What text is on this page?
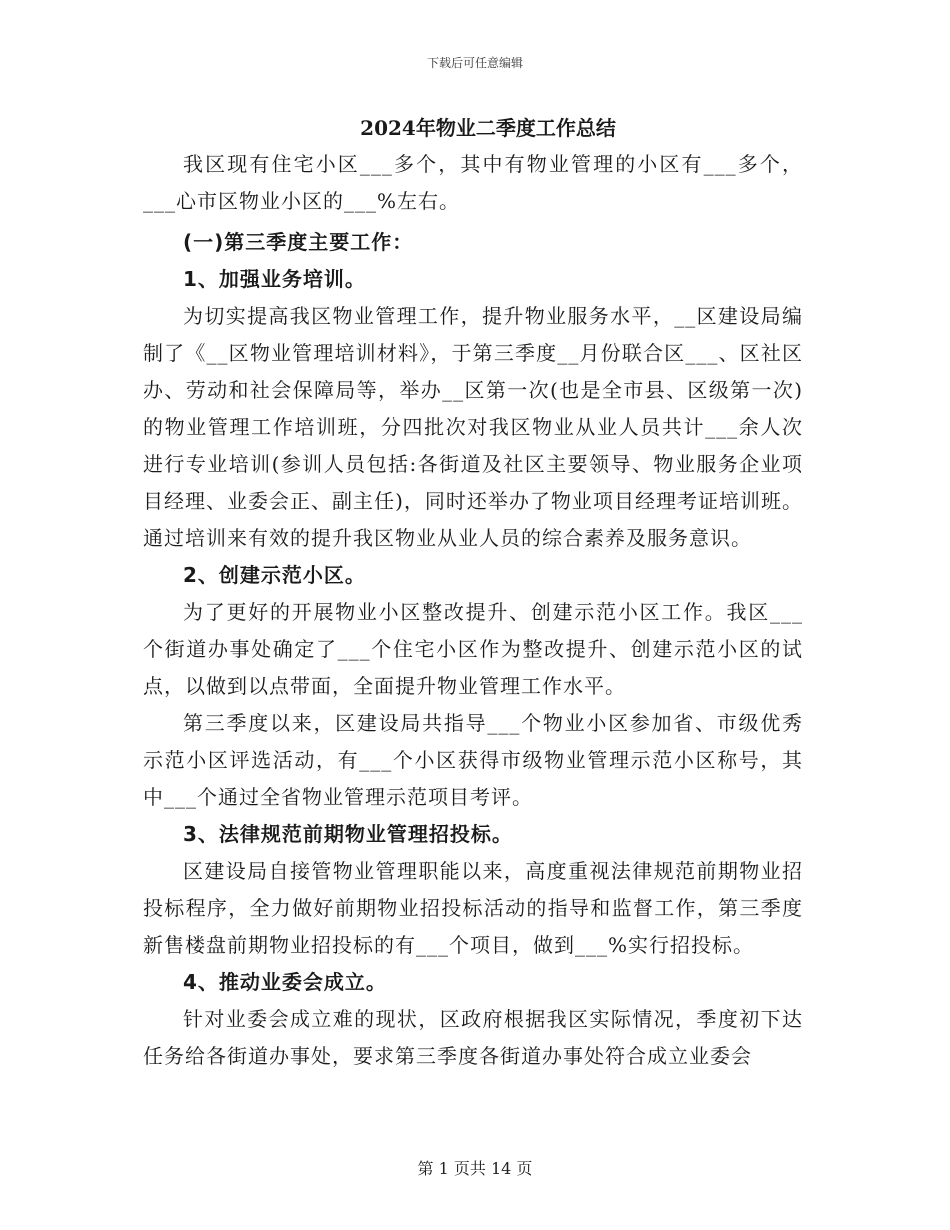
下载后可任意编辑
2024年物业二季度工作总结

我区现有住宅小区___多个，其中有物业管理的小区有___多个，___心市区物业小区的___%左右。

(一)第三季度主要工作：

1、加强业务培训。

为切实提高我区物业管理工作，提升物业服务水平，__区建设局编制了《__区物业管理培训材料》，于第三季度__月份联合区___、区社区办、劳动和社会保障局等，举办__区第一次(也是全市县、区级第一次)的物业管理工作培训班，分四批次对我区物业从业人员共计___余人次进行专业培训(参训人员包括:各街道及社区主要领导、物业服务企业项目经理、业委会正、副主任)，同时还举办了物业项目经理考证培训班。通过培训来有效的提升我区物业从业人员的综合素养及服务意识。

2、创建示范小区。

为了更好的开展物业小区整改提升、创建示范小区工作。我区___个街道办事处确定了___个住宅小区作为整改提升、创建示范小区的试点，以做到以点带面，全面提升物业管理工作水平。

第三季度以来，区建设局共指导___个物业小区参加省、市级优秀示范小区评选活动，有___个小区获得市级物业管理示范小区称号，其中___个通过全省物业管理示范项目考评。

3、法律规范前期物业管理招投标。

区建设局自接管物业管理职能以来，高度重视法律规范前期物业招投标程序，全力做好前期物业招投标活动的指导和监督工作，第三季度新售楼盘前期物业招投标的有___个项目，做到___%实行招投标。

4、推动业委会成立。

针对业委会成立难的现状，区政府根据我区实际情况，季度初下达任务给各街道办事处，要求第三季度各街道办事处符合成立业委会

第 1 页共 14 页
